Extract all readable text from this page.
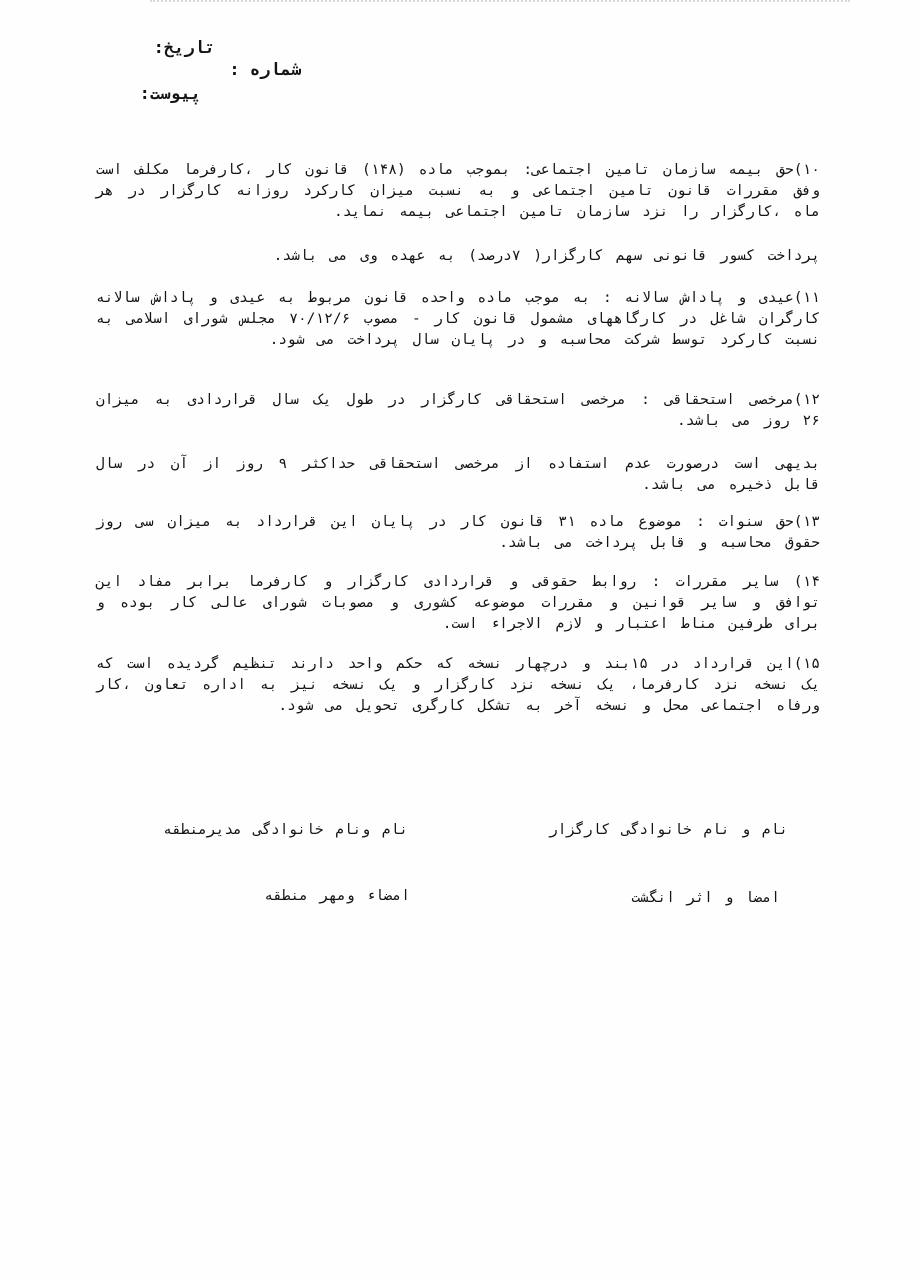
تاریخ:
شماره :
پیوست:

۱۰)حق بیمه سازمان تامین اجتماعی: بموجب ماده (۱۴۸) قانون کار ،کارفرما مکلف است وفق مقررات قانون تامین اجتماعی و به نسبت میزان کارکرد روزانه کارگزار در هر ماه ،کارگزار را نزد سازمان تامین اجتماعی بیمه نماید.

پرداخت کسور قانونی سهم کارگزار( ۷درصد) به عهده وی می باشد.

۱۱)عیدی و پاداش سالانه : به موجب ماده واحده قانون مربوط به عیدی و پاداش سالانه کارگران شاغل در کارگاههای مشمول قانون کار - مصوب ۷۰/۱۲/۶ مجلس شورای اسلامی به نسبت کارکرد توسط شرکت محاسبه و در پایان سال پرداخت می شود.

۱۲)مرخصی استحقاقی : مرخصی استحقاقی کارگزار در طول یک سال قراردادی به میزان ۲۶ روز می باشد.

بدیهی است درصورت عدم استفاده از مرخصی استحقاقی حداکثر ۹ روز از آن در سال قابل ذخیره می باشد.

۱۳)حق سنوات : موضوع ماده ۳۱ قانون کار در پایان این قرارداد به میزان سی روز حقوق محاسبه و قابل پرداخت می باشد.

۱۴) سایر مقررات : روابط حقوقی و قراردادی کارگزار و کارفرما برابر مفاد این توافق و سایر قوانین و مقررات موضوعه کشوری و مصوبات شورای عالی کار بوده و برای طرفین مناط اعتبار و لازم الاجراء است.

۱۵)این قرارداد در ۱۵بند و درچهار نسخه که حکم واحد دارند تنظیم گردیده است که یک نسخه نزد کارفرما، یک نسخه نزد کارگزار و یک نسخه نیز به اداره تعاون ،کار ورفاه اجتماعی محل و نسخه آخر به تشکل کارگری تحویل می شود.

نام و نام خانوادگی کارگزار
نام ونام خانوادگی مدیرمنطقه
امضا و اثر انگشت
امضاء ومهر منطقه
